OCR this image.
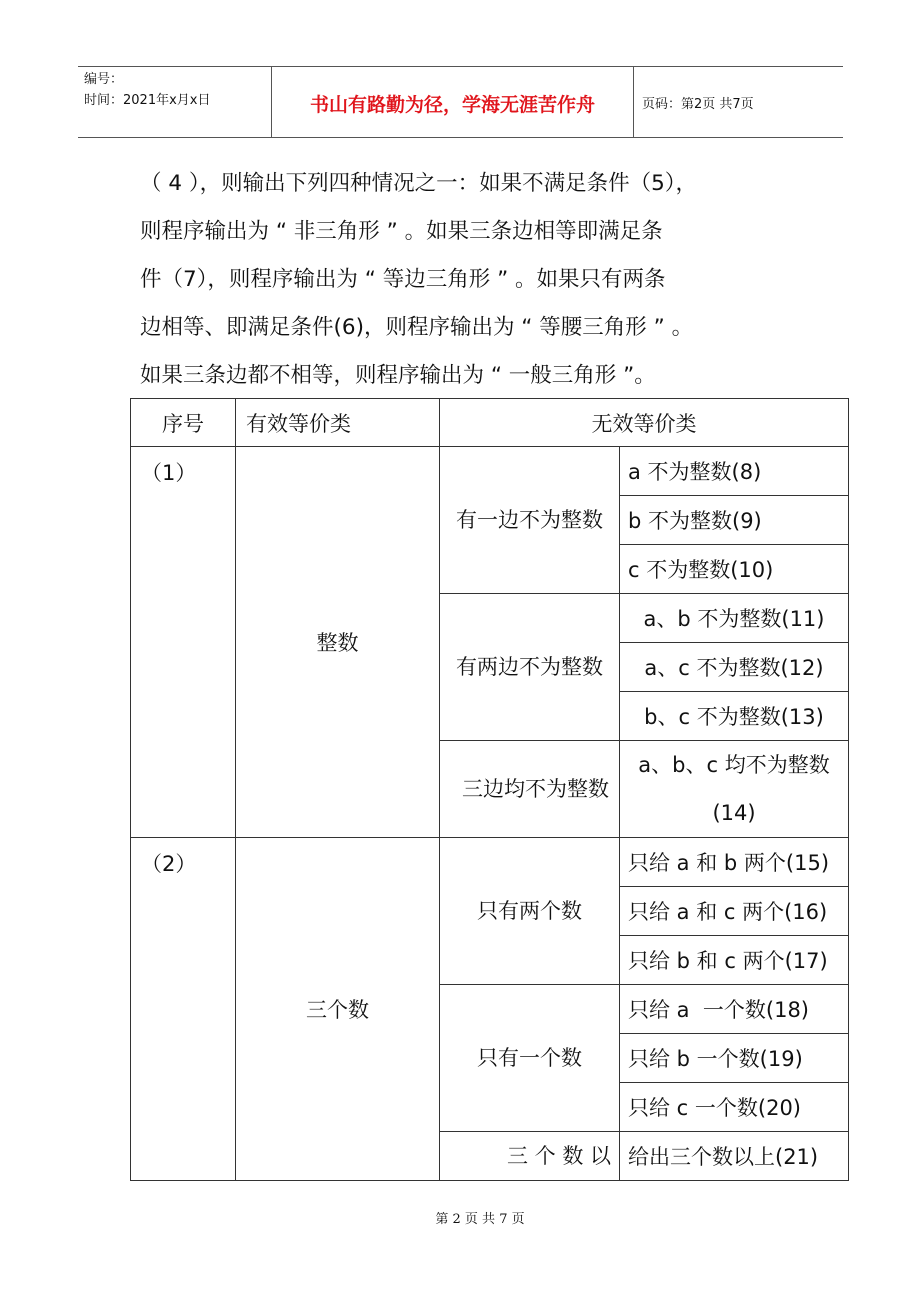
编号：
时间：2021年x月x日	书山有路勤为径，学海无涯苦作舟	页码：第2页 共7页
（ 4 ），则输出下列四种情况之一：如果不满足条件（5），
则程序输出为 “ 非三角形 ” 。如果三条边相等即满足条
件（7），则程序输出为 “ 等边三角形 ” 。如果只有两条
边相等、即满足条件(6)，则程序输出为 “ 等腰三角形 ” 。
如果三条边都不相等，则程序输出为 “ 一般三角形 ”。
序号	有效等价类	无效等价类	
（1）	整数	有一边不为整数	a 不为整数(8)
			b 不为整数(9)
			c 不为整数(10)

		有两边不为整数	a、b 不为整数(11)
			a、c 不为整数(12)
			b、c 不为整数(13)

		三边均不为整数	a、b、c 均不为整数(14)

（2）	三个数	只有两个数	只给 a 和 b 两个(15)
			只给 a 和 c 两个(16)
			只给 b 和 c 两个(17)
		只有一个数	只给 a  一个数(18)
			只给 b 一个数(19)
			只给 c 一个数(20)
		三 个 数 以	给出三个数以上(21)
第 2 页 共 7 页
